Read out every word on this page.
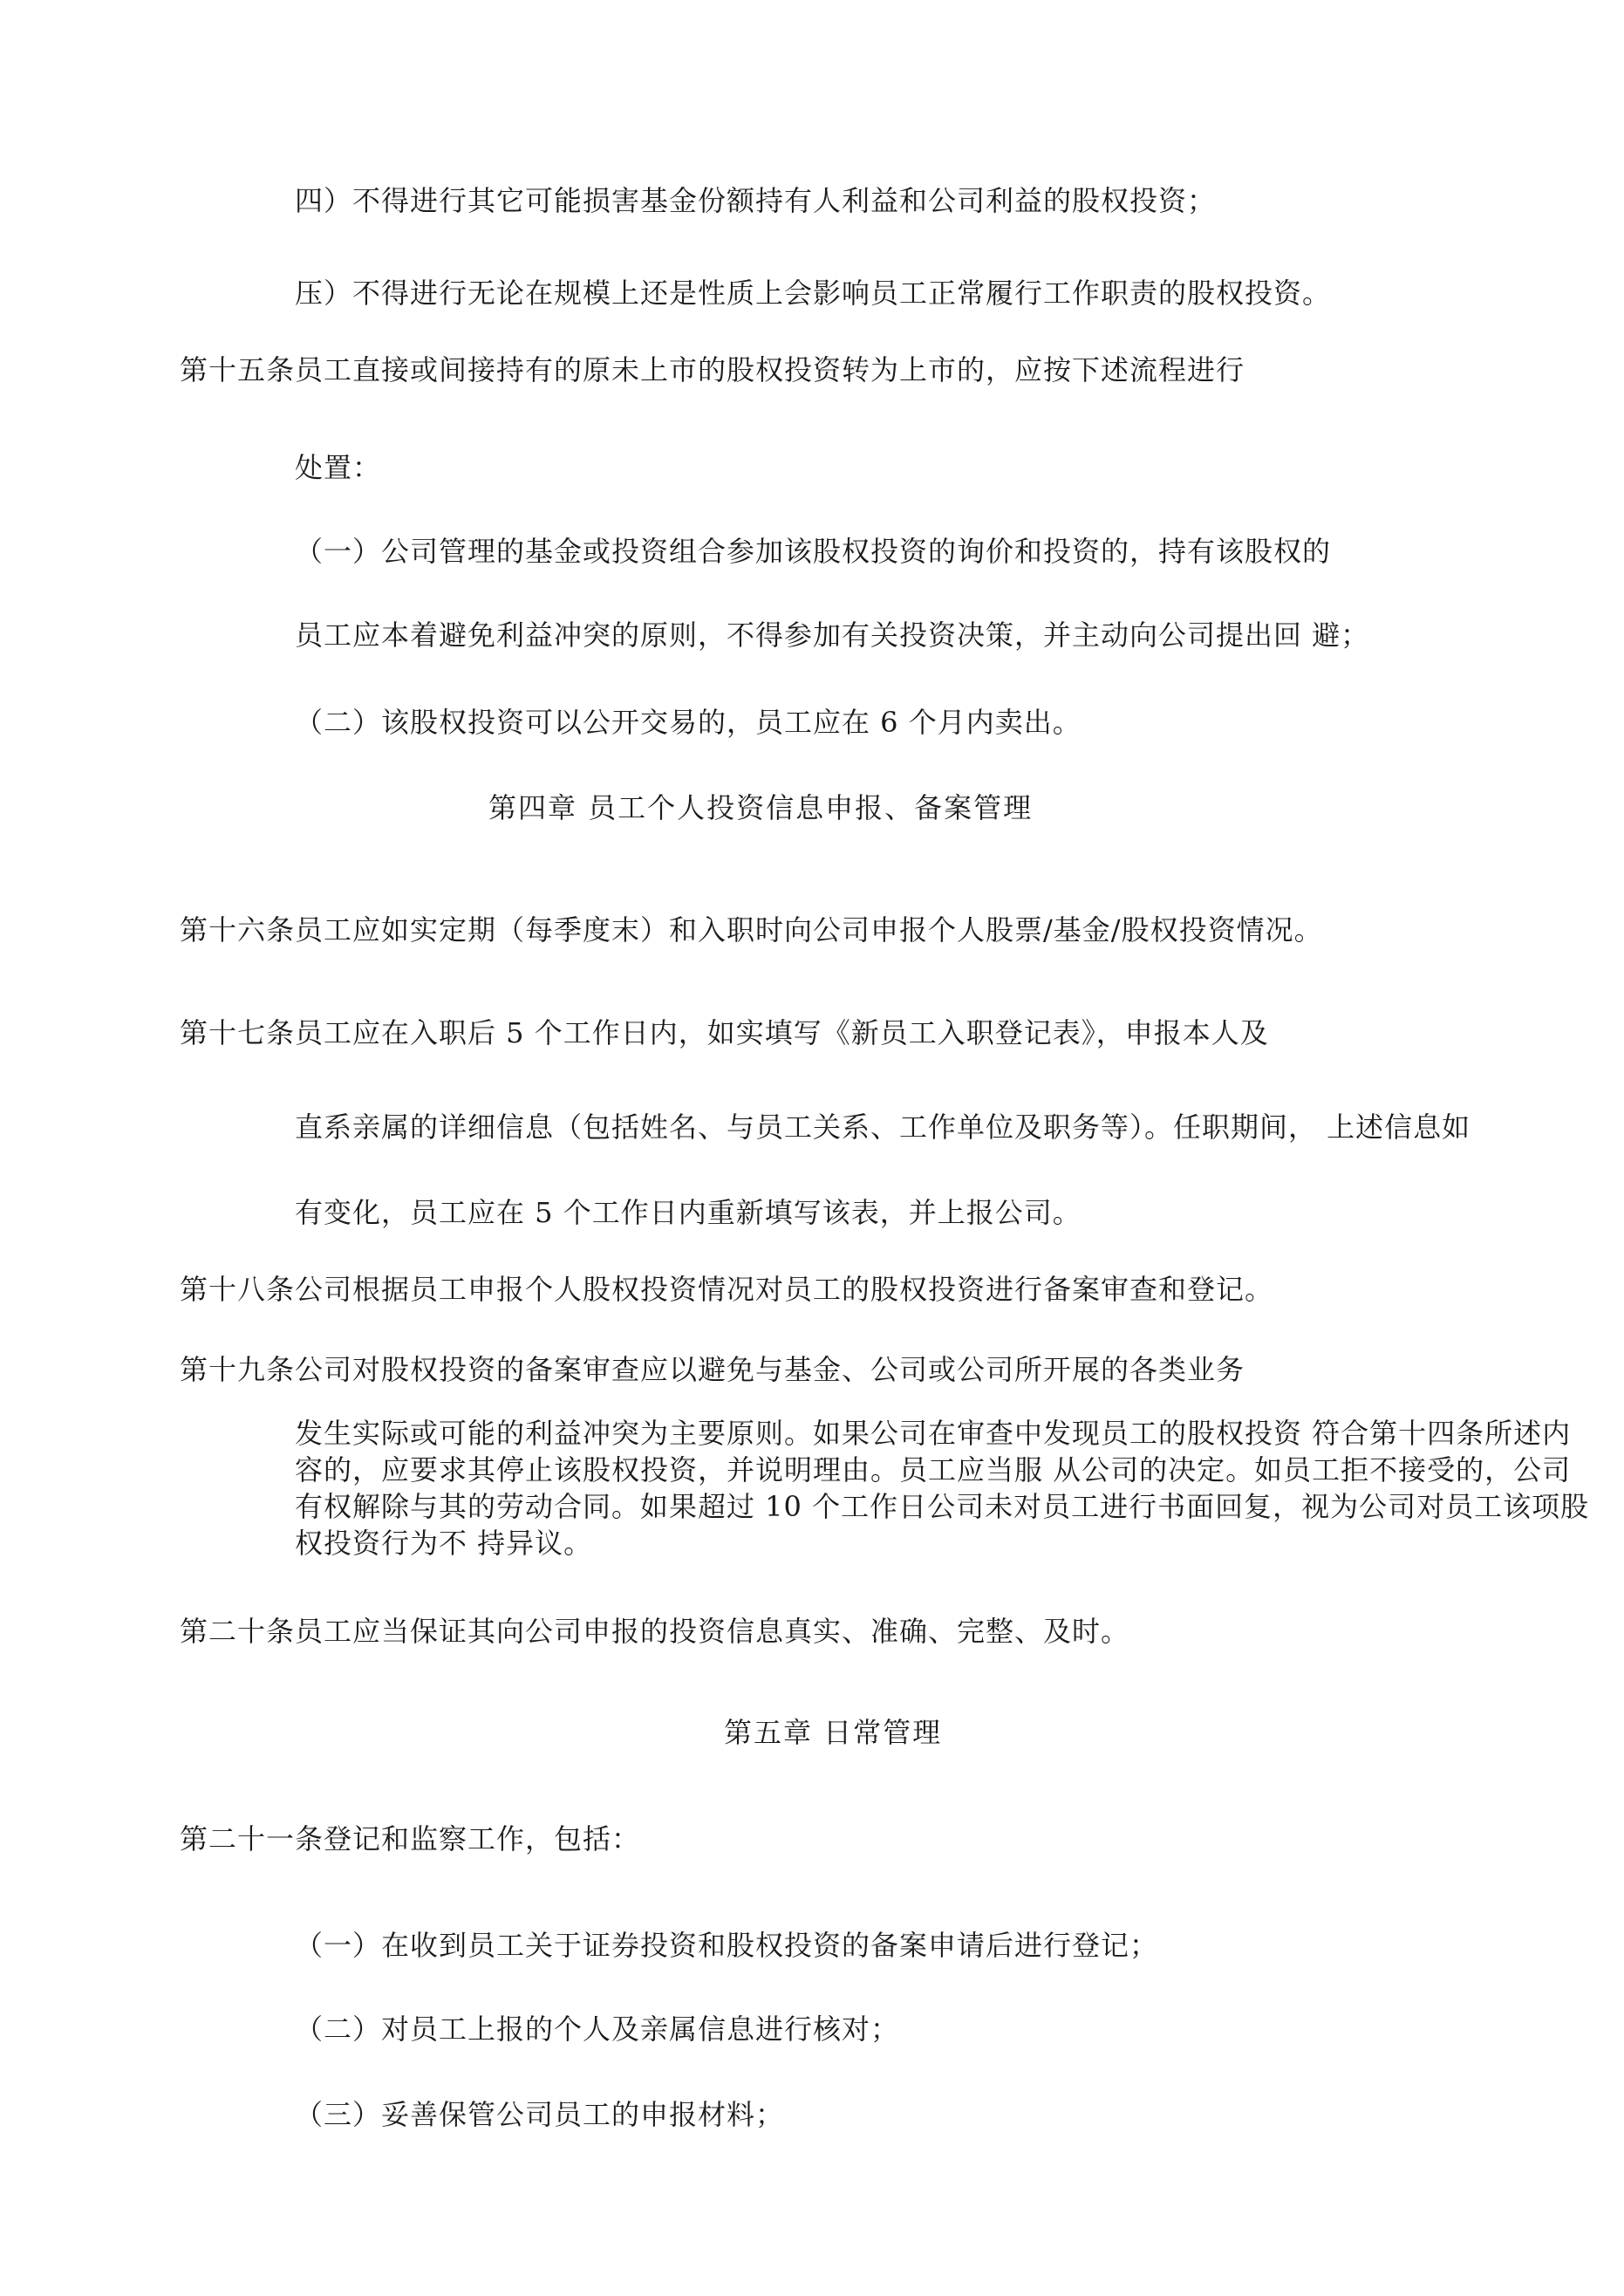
四）不得进行其它可能损害基金份额持有人利益和公司利益的股权投资；

压）不得进行无论在规模上还是性质上会影响员工正常履行工作职责的股权投资。

第十五条员工直接或间接持有的原未上市的股权投资转为上市的，应按下述流程进行

处置：

（一）公司管理的基金或投资组合参加该股权投资的询价和投资的，持有该股权的

员工应本着避免利益冲突的原则，不得参加有关投资决策，并主动向公司提出回 避；

（二）该股权投资可以公开交易的，员工应在 6 个月内卖出。

第四章 员工个人投资信息申报、备案管理

第十六条员工应如实定期（每季度末）和入职时向公司申报个人股票/基金/股权投资情况。

第十七条员工应在入职后 5 个工作日内，如实填写《新员工入职登记表》，申报本人及

直系亲属的详细信息（包括姓名、与员工关系、工作单位及职务等）。任职期间， 上述信息如

有变化，员工应在 5 个工作日内重新填写该表，并上报公司。

第十八条公司根据员工申报个人股权投资情况对员工的股权投资进行备案审查和登记。

第十九条公司对股权投资的备案审查应以避免与基金、公司或公司所开展的各类业务

发生实际或可能的利益冲突为主要原则。如果公司在审查中发现员工的股权投资 符合第十四条所述内容的，应要求其停止该股权投资，并说明理由。员工应当服 从公司的决定。如员工拒不接受的，公司有权解除与其的劳动合同。如果超过 10 个工作日公司未对员工进行书面回复，视为公司对员工该项股权投资行为不 持异议。

第二十条员工应当保证其向公司申报的投资信息真实、准确、完整、及时。

第五章 日常管理

第二十一条登记和监察工作，包括：

（一）在收到员工关于证券投资和股权投资的备案申请后进行登记；

（二）对员工上报的个人及亲属信息进行核对；

（三）妥善保管公司员工的申报材料；
